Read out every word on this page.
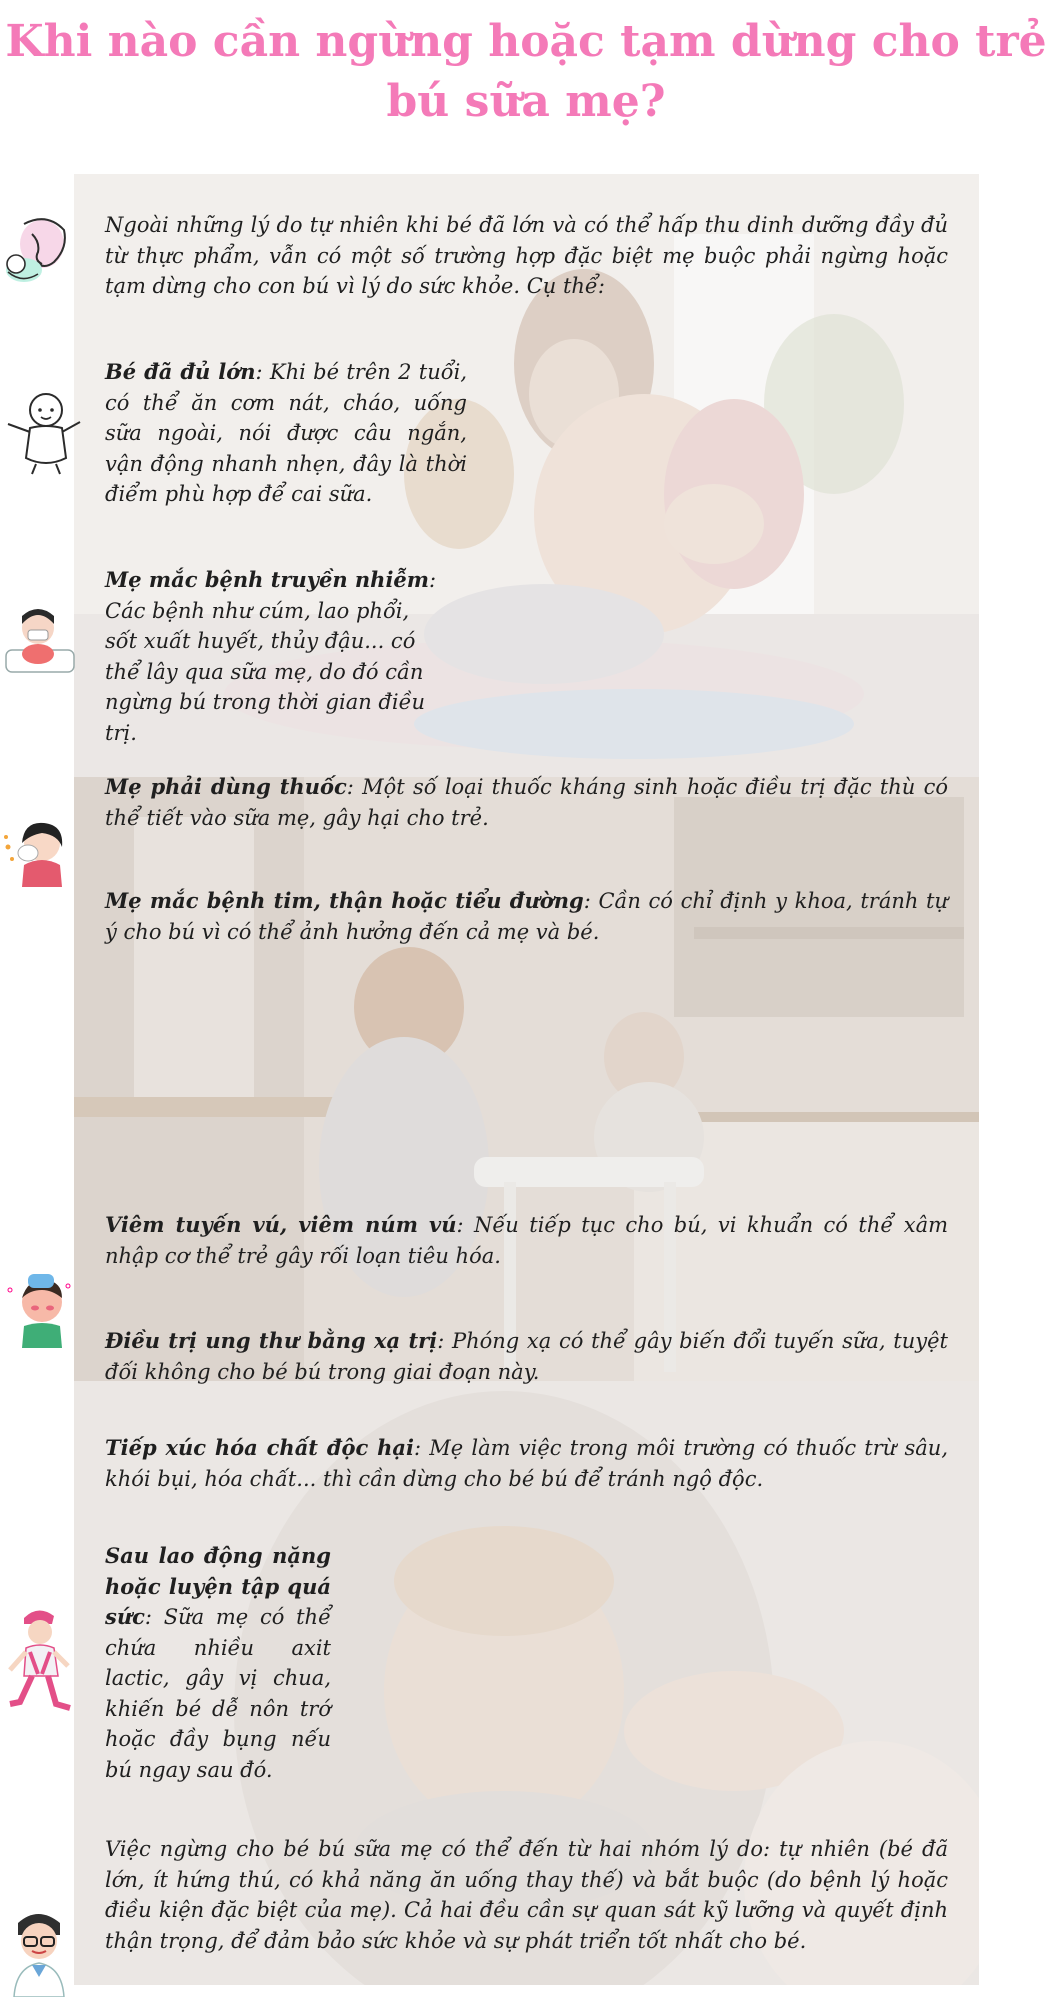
Khi nào cần ngừng hoặc tạm dừng cho trẻ bú sữa mẹ?

Ngoài những lý do tự nhiên khi bé đã lớn và có thể hấp thu dinh dưỡng đầy đủ từ thực phẩm, vẫn có một số trường hợp đặc biệt mẹ buộc phải ngừng hoặc tạm dừng cho con bú vì lý do sức khỏe. Cụ thể:

Bé đã đủ lớn: Khi bé trên 2 tuổi, có thể ăn cơm nát, cháo, uống sữa ngoài, nói được câu ngắn, vận động nhanh nhẹn, đây là thời điểm phù hợp để cai sữa.

Mẹ mắc bệnh truyền nhiễm: Các bệnh như cúm, lao phổi, sốt xuất huyết, thủy đậu... có thể lây qua sữa mẹ, do đó cần ngừng bú trong thời gian điều trị.

Mẹ phải dùng thuốc: Một số loại thuốc kháng sinh hoặc điều trị đặc thù có thể tiết vào sữa mẹ, gây hại cho trẻ.

Mẹ mắc bệnh tim, thận hoặc tiểu đường: Cần có chỉ định y khoa, tránh tự ý cho bú vì có thể ảnh hưởng đến cả mẹ và bé.

Viêm tuyến vú, viêm núm vú: Nếu tiếp tục cho bú, vi khuẩn có thể xâm nhập cơ thể trẻ gây rối loạn tiêu hóa.

Điều trị ung thư bằng xạ trị: Phóng xạ có thể gây biến đổi tuyến sữa, tuyệt đối không cho bé bú trong giai đoạn này.

Tiếp xúc hóa chất độc hại: Mẹ làm việc trong môi trường có thuốc trừ sâu, khói bụi, hóa chất... thì cần dừng cho bé bú để tránh ngộ độc.

Sau lao động nặng hoặc luyện tập quá sức: Sữa mẹ có thể chứa nhiều axit lactic, gây vị chua, khiến bé dễ nôn trớ hoặc đầy bụng nếu bú ngay sau đó.

Việc ngừng cho bé bú sữa mẹ có thể đến từ hai nhóm lý do: tự nhiên (bé đã lớn, ít hứng thú, có khả năng ăn uống thay thế) và bắt buộc (do bệnh lý hoặc điều kiện đặc biệt của mẹ). Cả hai đều cần sự quan sát kỹ lưỡng và quyết định thận trọng, để đảm bảo sức khỏe và sự phát triển tốt nhất cho bé.
